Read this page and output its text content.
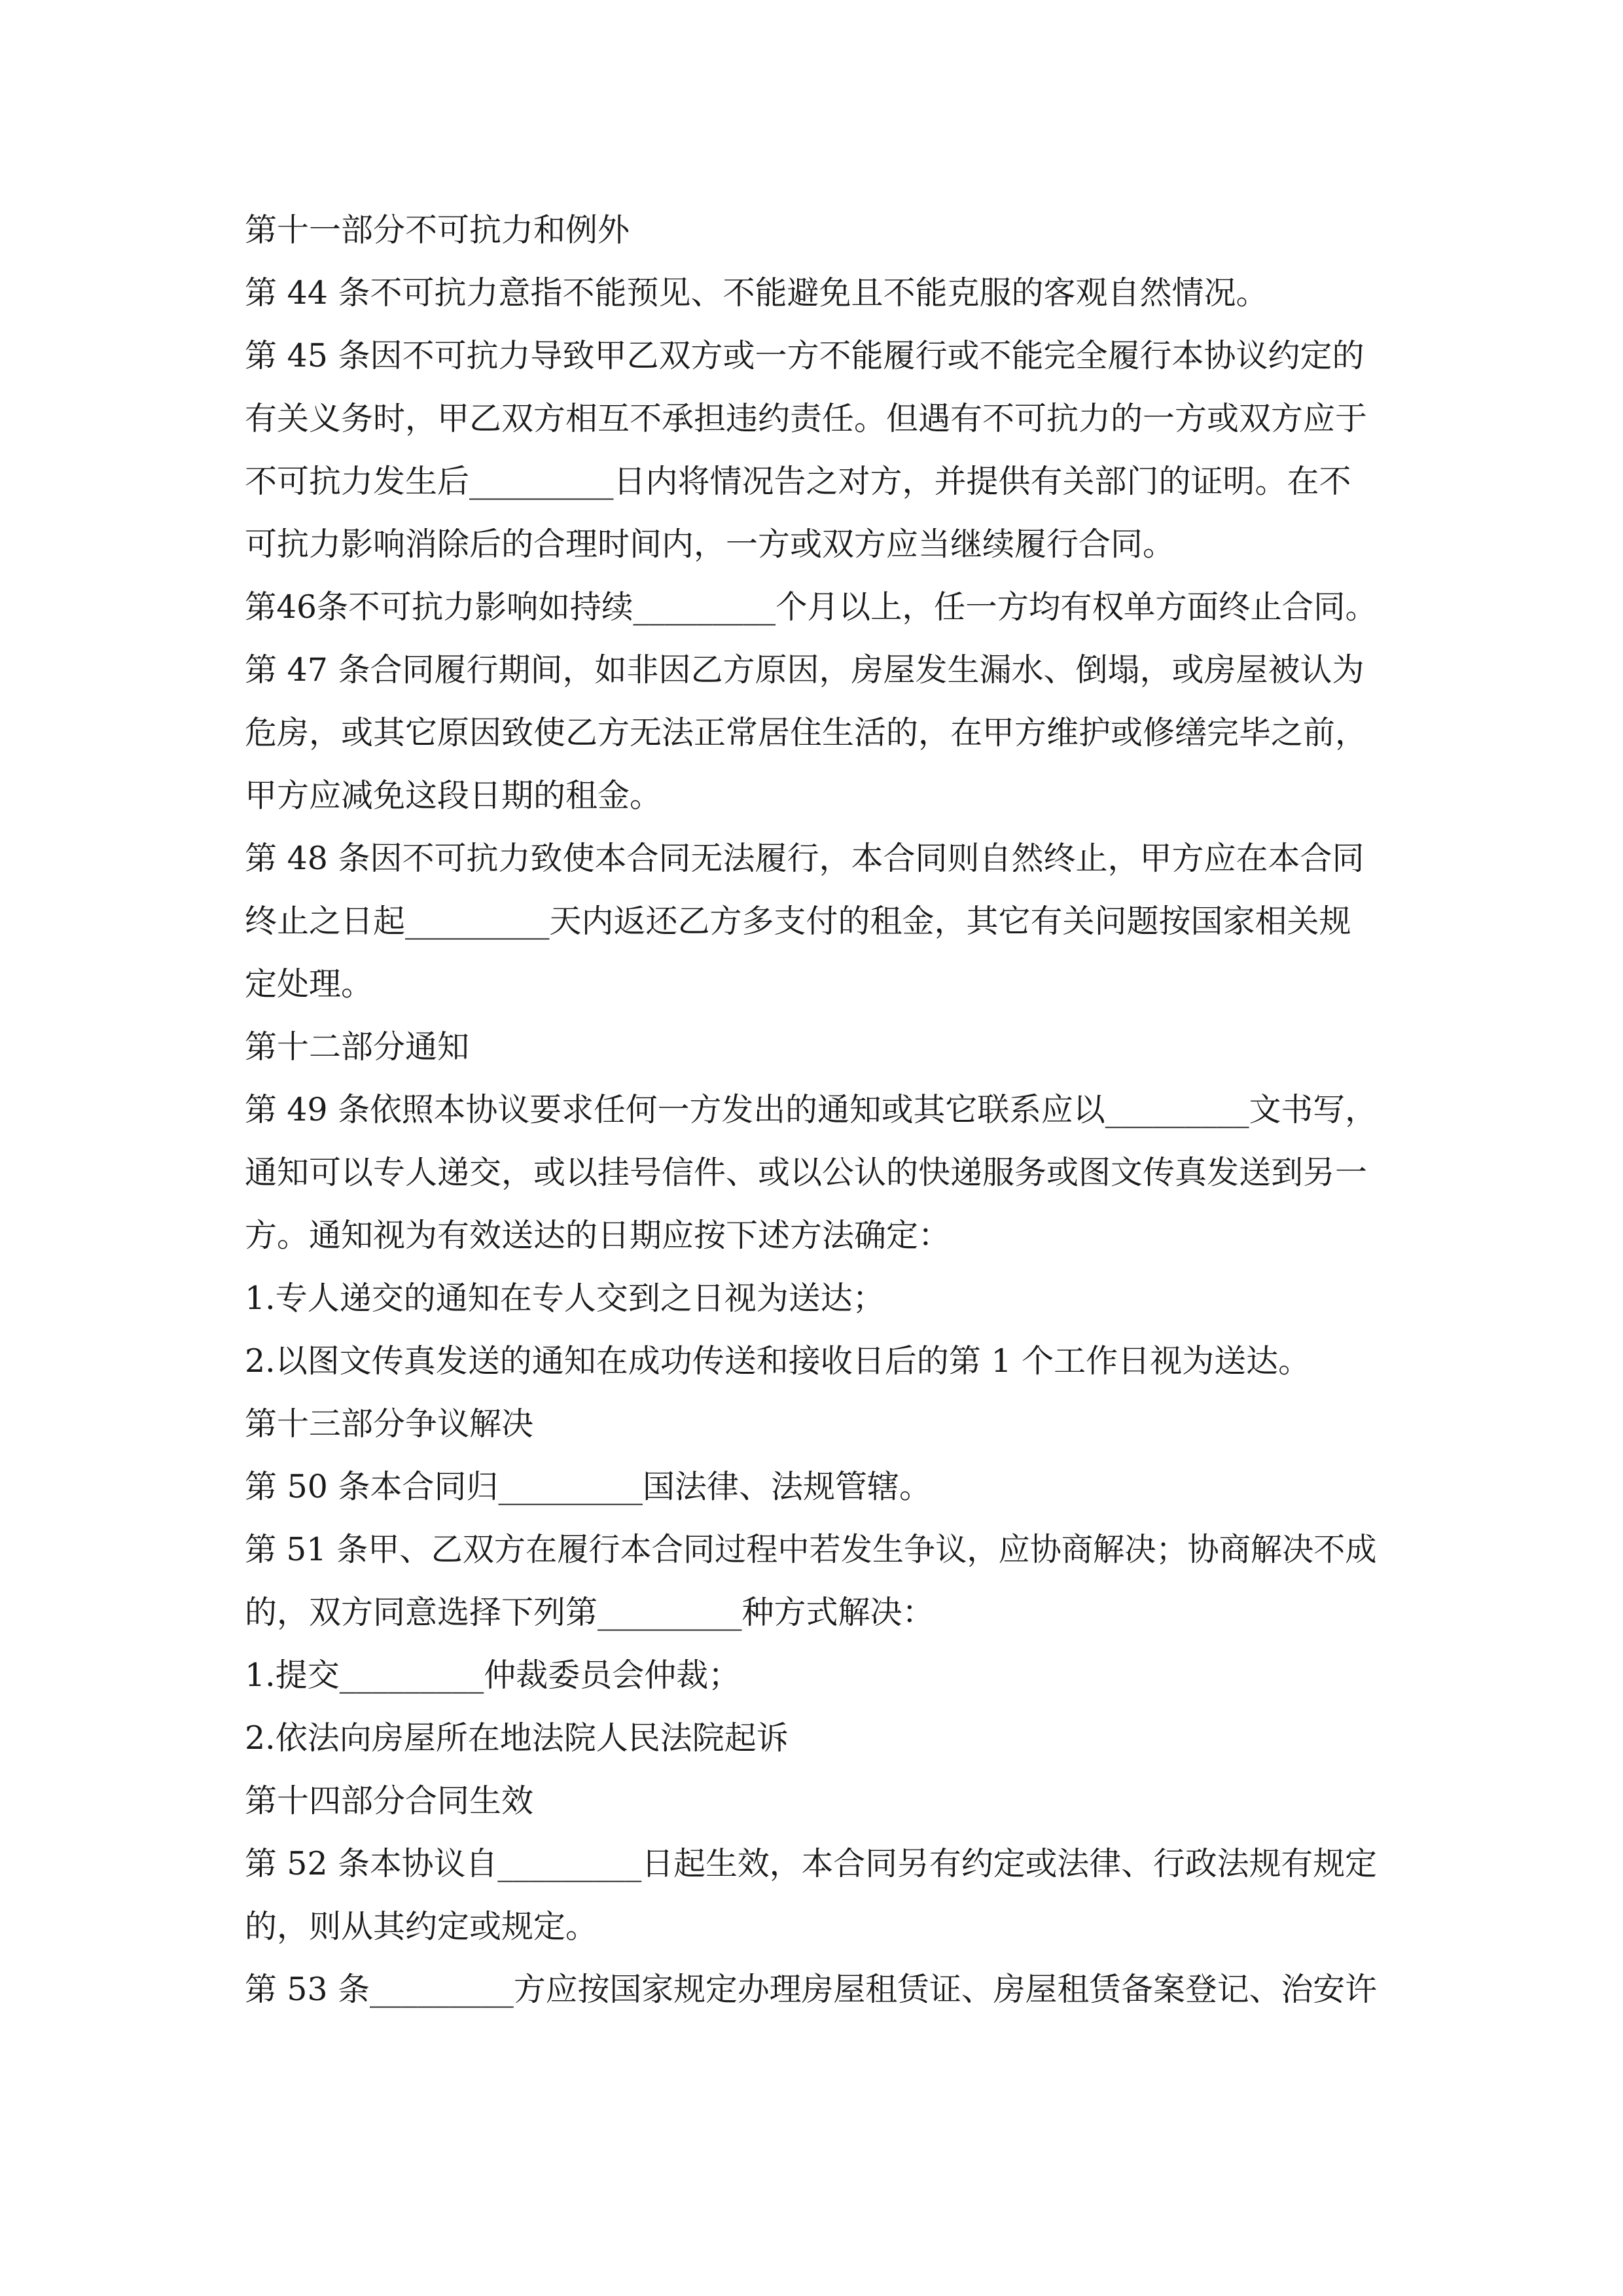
第十一部分不可抗力和例外

第 44 条不可抗力意指不能预见、不能避免且不能克服的客观自然情况。

第 45 条因不可抗力导致甲乙双方或一方不能履行或不能完全履行本协议约定的

有关义务时，甲乙双方相互不承担违约责任。但遇有不可抗力的一方或双方应于

不可抗力发生后_________日内将情况告之对方，并提供有关部门的证明。在不

可抗力影响消除后的合理时间内，一方或双方应当继续履行合同。

第46条不可抗力影响如持续_________个月以上，任一方均有权单方面终止合同。

第 47 条合同履行期间，如非因乙方原因，房屋发生漏水、倒塌，或房屋被认为

危房，或其它原因致使乙方无法正常居住生活的，在甲方维护或修缮完毕之前，

甲方应减免这段日期的租金。

第 48 条因不可抗力致使本合同无法履行，本合同则自然终止，甲方应在本合同

终止之日起_________天内返还乙方多支付的租金，其它有关问题按国家相关规

定处理。

第十二部分通知

第 49 条依照本协议要求任何一方发出的通知或其它联系应以_________文书写，

通知可以专人递交，或以挂号信件、或以公认的快递服务或图文传真发送到另一

方。通知视为有效送达的日期应按下述方法确定：

1.专人递交的通知在专人交到之日视为送达；

2.以图文传真发送的通知在成功传送和接收日后的第 1 个工作日视为送达。

第十三部分争议解决

第 50 条本合同归_________国法律、法规管辖。

第 51 条甲、乙双方在履行本合同过程中若发生争议，应协商解决；协商解决不成

的，双方同意选择下列第_________种方式解决：

1.提交_________仲裁委员会仲裁；

2.依法向房屋所在地法院人民法院起诉

第十四部分合同生效

第 52 条本协议自_________日起生效，本合同另有约定或法律、行政法规有规定

的，则从其约定或规定。

第 53 条_________方应按国家规定办理房屋租赁证、房屋租赁备案登记、治安许
